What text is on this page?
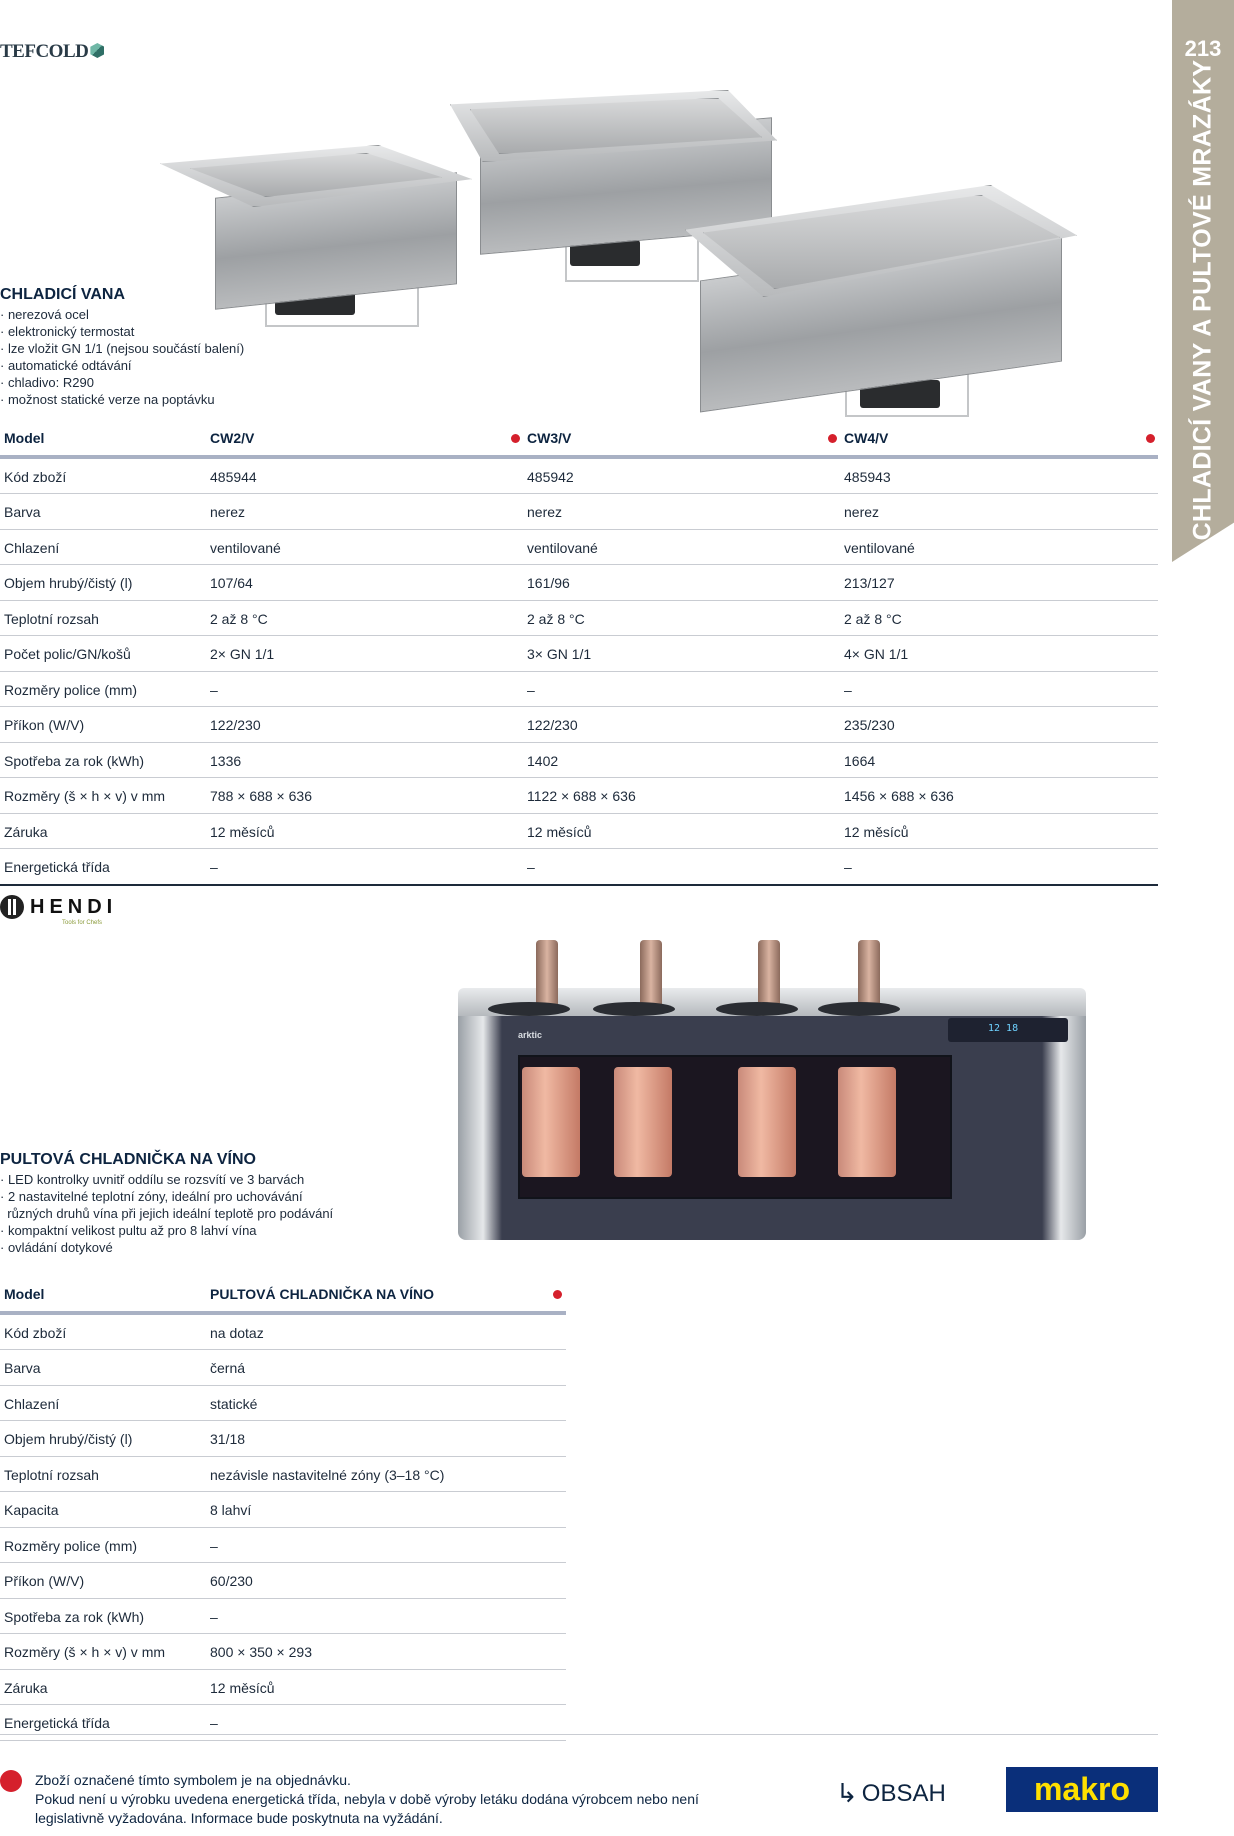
213
CHLADICÍ VANY A PULTOVÉ MRAZÁKY
TEFCOLD
CHLADICÍ VANA
· nerezová ocel
· elektronický termostat
· lze vložit GN 1/1 (nejsou součástí balení)
· automatické odtávání
· chladivo: R290
· možnost statické verze na poptávku
Model	CW2/V	CW3/V	CW4/V
Kód zboží	485944	485942	485943
Barva	nerez	nerez	nerez
Chlazení	ventilované	ventilované	ventilované
Objem hrubý/čistý (l)	107/64	161/96	213/127
Teplotní rozsah	2 až 8 °C	2 až 8 °C	2 až 8 °C
Počet polic/GN/košů	2× GN 1/1	3× GN 1/1	4× GN 1/1
Rozměry police (mm)	–	–	–
Příkon (W/V)	122/230	122/230	235/230
Spotřeba za rok (kWh)	1336	1402	1664
Rozměry (š × h × v) v mm	788 × 688 × 636	1122 × 688 × 636	1456 × 688 × 636
Záruka	12 měsíců	12 měsíců	12 měsíců
Energetická třída	–	–	–
HENDI
Tools for Chefs
arktic
12 18
PULTOVÁ CHLADNIČKA NA VÍNO
· LED kontrolky uvnitř oddílu se rozsvítí ve 3 barvách
· 2 nastavitelné teplotní zóny, ideální pro uchovávání
různých druhů vína při jejich ideální teplotě pro podávání
· kompaktní velikost pultu až pro 8 lahví vína
· ovládání dotykové
Model	PULTOVÁ CHLADNIČKA NA VÍNO
Kód zboží	na dotaz
Barva	černá
Chlazení	statické
Objem hrubý/čistý (l)	31/18
Teplotní rozsah	nezávisle nastavitelné zóny (3–18 °C)
Kapacita	8 lahví
Rozměry police (mm)	–
Příkon (W/V)	60/230
Spotřeba za rok (kWh)	–
Rozměry (š × h × v) v mm	800 × 350 × 293
Záruka	12 měsíců
Energetická třída	–
Zboží označené tímto symbolem je na objednávku.
Pokud není u výrobku uvedena energetická třída, nebyla v době výroby letáku dodána výrobcem nebo není
legislativně vyžadována. Informace bude poskytnuta na vyžádání.
↳ OBSAH	makro
